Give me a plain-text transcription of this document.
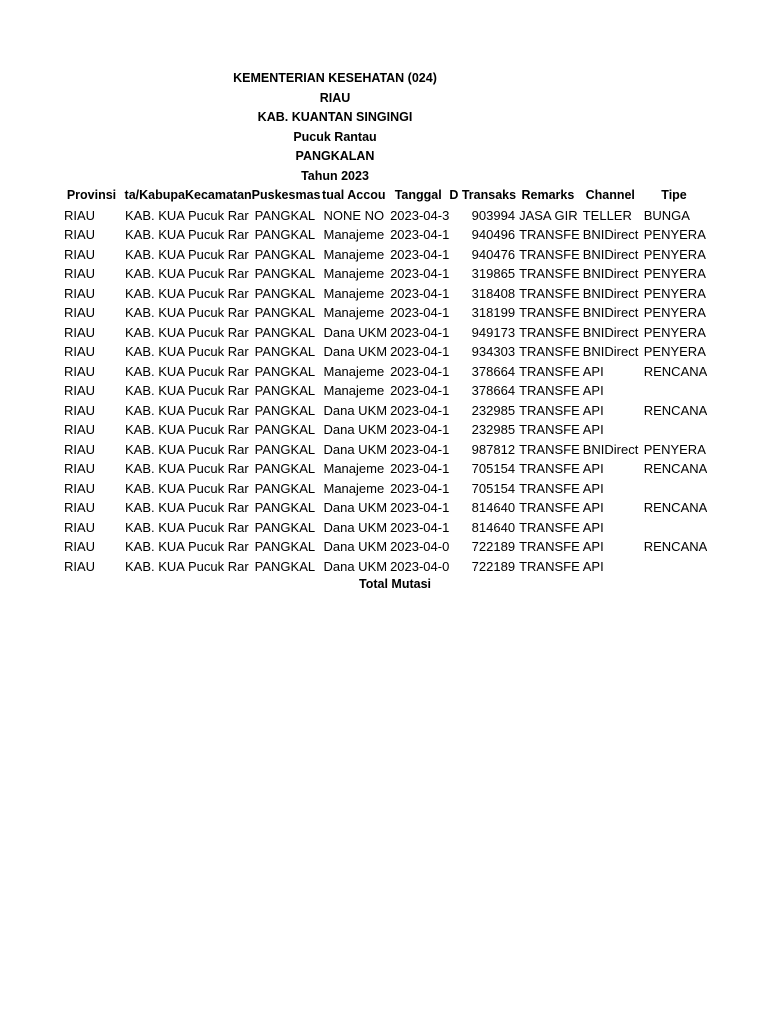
KEMENTERIAN KESEHATAN (024)
RIAU
KAB. KUANTAN SINGINGI
Pucuk Rantau
PANGKALAN
Tahun 2023
Provinsi	ta/Kabupa	Kecamatan	Puskesmas	tual Accou	Tanggal	D Transaks	Remarks	Channel	Tipe
RIAU	KAB. KUA	Pucuk Rar	PANGKAL	NONE NO	2023-04-3	903994	JASA GIR	TELLER	BUNGA
RIAU	KAB. KUA	Pucuk Rar	PANGKAL	Manajeme	2023-04-1	940496	TRANSFE	BNIDirect	PENYERA
RIAU	KAB. KUA	Pucuk Rar	PANGKAL	Manajeme	2023-04-1	940476	TRANSFE	BNIDirect	PENYERA
RIAU	KAB. KUA	Pucuk Rar	PANGKAL	Manajeme	2023-04-1	319865	TRANSFE	BNIDirect	PENYERA
RIAU	KAB. KUA	Pucuk Rar	PANGKAL	Manajeme	2023-04-1	318408	TRANSFE	BNIDirect	PENYERA
RIAU	KAB. KUA	Pucuk Rar	PANGKAL	Manajeme	2023-04-1	318199	TRANSFE	BNIDirect	PENYERA
RIAU	KAB. KUA	Pucuk Rar	PANGKAL	Dana UKM	2023-04-1	949173	TRANSFE	BNIDirect	PENYERA
RIAU	KAB. KUA	Pucuk Rar	PANGKAL	Dana UKM	2023-04-1	934303	TRANSFE	BNIDirect	PENYERA
RIAU	KAB. KUA	Pucuk Rar	PANGKAL	Manajeme	2023-04-1	378664	TRANSFE	API	RENCANA
RIAU	KAB. KUA	Pucuk Rar	PANGKAL	Manajeme	2023-04-1	378664	TRANSFE	API	
RIAU	KAB. KUA	Pucuk Rar	PANGKAL	Dana UKM	2023-04-1	232985	TRANSFE	API	RENCANA
RIAU	KAB. KUA	Pucuk Rar	PANGKAL	Dana UKM	2023-04-1	232985	TRANSFE	API	
RIAU	KAB. KUA	Pucuk Rar	PANGKAL	Dana UKM	2023-04-1	987812	TRANSFE	BNIDirect	PENYERA
RIAU	KAB. KUA	Pucuk Rar	PANGKAL	Manajeme	2023-04-1	705154	TRANSFE	API	RENCANA
RIAU	KAB. KUA	Pucuk Rar	PANGKAL	Manajeme	2023-04-1	705154	TRANSFE	API	
RIAU	KAB. KUA	Pucuk Rar	PANGKAL	Dana UKM	2023-04-1	814640	TRANSFE	API	RENCANA
RIAU	KAB. KUA	Pucuk Rar	PANGKAL	Dana UKM	2023-04-1	814640	TRANSFE	API	
RIAU	KAB. KUA	Pucuk Rar	PANGKAL	Dana UKM	2023-04-0	722189	TRANSFE	API	RENCANA
RIAU	KAB. KUA	Pucuk Rar	PANGKAL	Dana UKM	2023-04-0	722189	TRANSFE	API	
Total Mutasi
